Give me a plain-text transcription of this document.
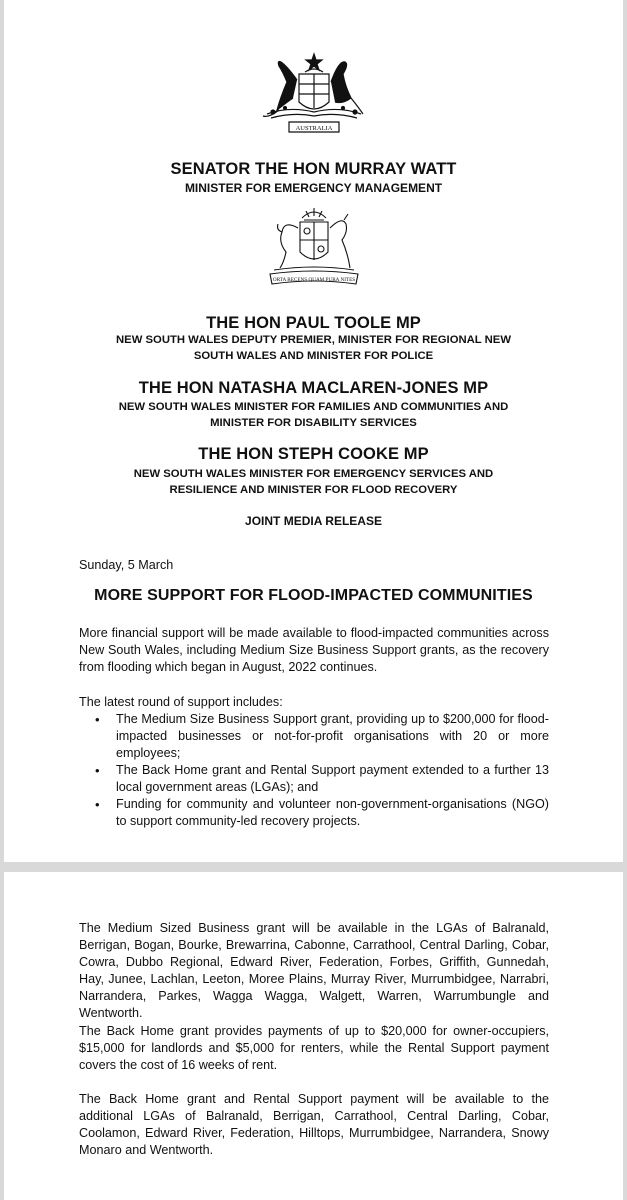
AUSTRALIA
SENATOR THE HON MURRAY WATT
MINISTER FOR EMERGENCY MANAGEMENT
ORTA RECENS QUAM PURA NITES
THE HON PAUL TOOLE MP
NEW SOUTH WALES DEPUTY PREMIER, MINISTER FOR REGIONAL NEW
SOUTH WALES AND MINISTER FOR POLICE
THE HON NATASHA MACLAREN-JONES MP
NEW SOUTH WALES MINISTER FOR FAMILIES AND COMMUNITIES AND
MINISTER FOR DISABILITY SERVICES
THE HON STEPH COOKE MP
NEW SOUTH WALES MINISTER FOR EMERGENCY SERVICES AND
RESILIENCE AND MINISTER FOR FLOOD RECOVERY
JOINT MEDIA RELEASE
Sunday, 5 March
MORE SUPPORT FOR FLOOD-IMPACTED COMMUNITIES

More financial support will be made available to flood-impacted communities across New South Wales, including Medium Size Business Support grants, as the recovery from flooding which began in August, 2022 continues.

The latest round of support includes:
• The Medium Size Business Support grant, providing up to $200,000 for flood-impacted businesses or not-for-profit organisations with 20 or more employees;
• The Back Home grant and Rental Support payment extended to a further 13 local government areas (LGAs); and
• Funding for community and volunteer non-government-organisations (NGO) to support community-led recovery projects.

The Medium Sized Business grant will be available in the LGAs of Balranald, Berrigan, Bogan, Bourke, Brewarrina, Cabonne, Carrathool, Central Darling, Cobar, Cowra, Dubbo Regional, Edward River, Federation, Forbes, Griffith, Gunnedah, Hay, Junee, Lachlan, Leeton, Moree Plains, Murray River, Murrumbidgee, Narrabri, Narrandera, Parkes, Wagga Wagga, Walgett, Warren, Warrumbungle and Wentworth.

The Back Home grant provides payments of up to $20,000 for owner-occupiers, $15,000 for landlords and $5,000 for renters, while the Rental Support payment covers the cost of 16 weeks of rent.

The Back Home grant and Rental Support payment will be available to the additional LGAs of Balranald, Berrigan, Carrathool, Central Darling, Cobar, Coolamon, Edward River, Federation, Hilltops, Murrumbidgee, Narrandera, Snowy Monaro and Wentworth.
